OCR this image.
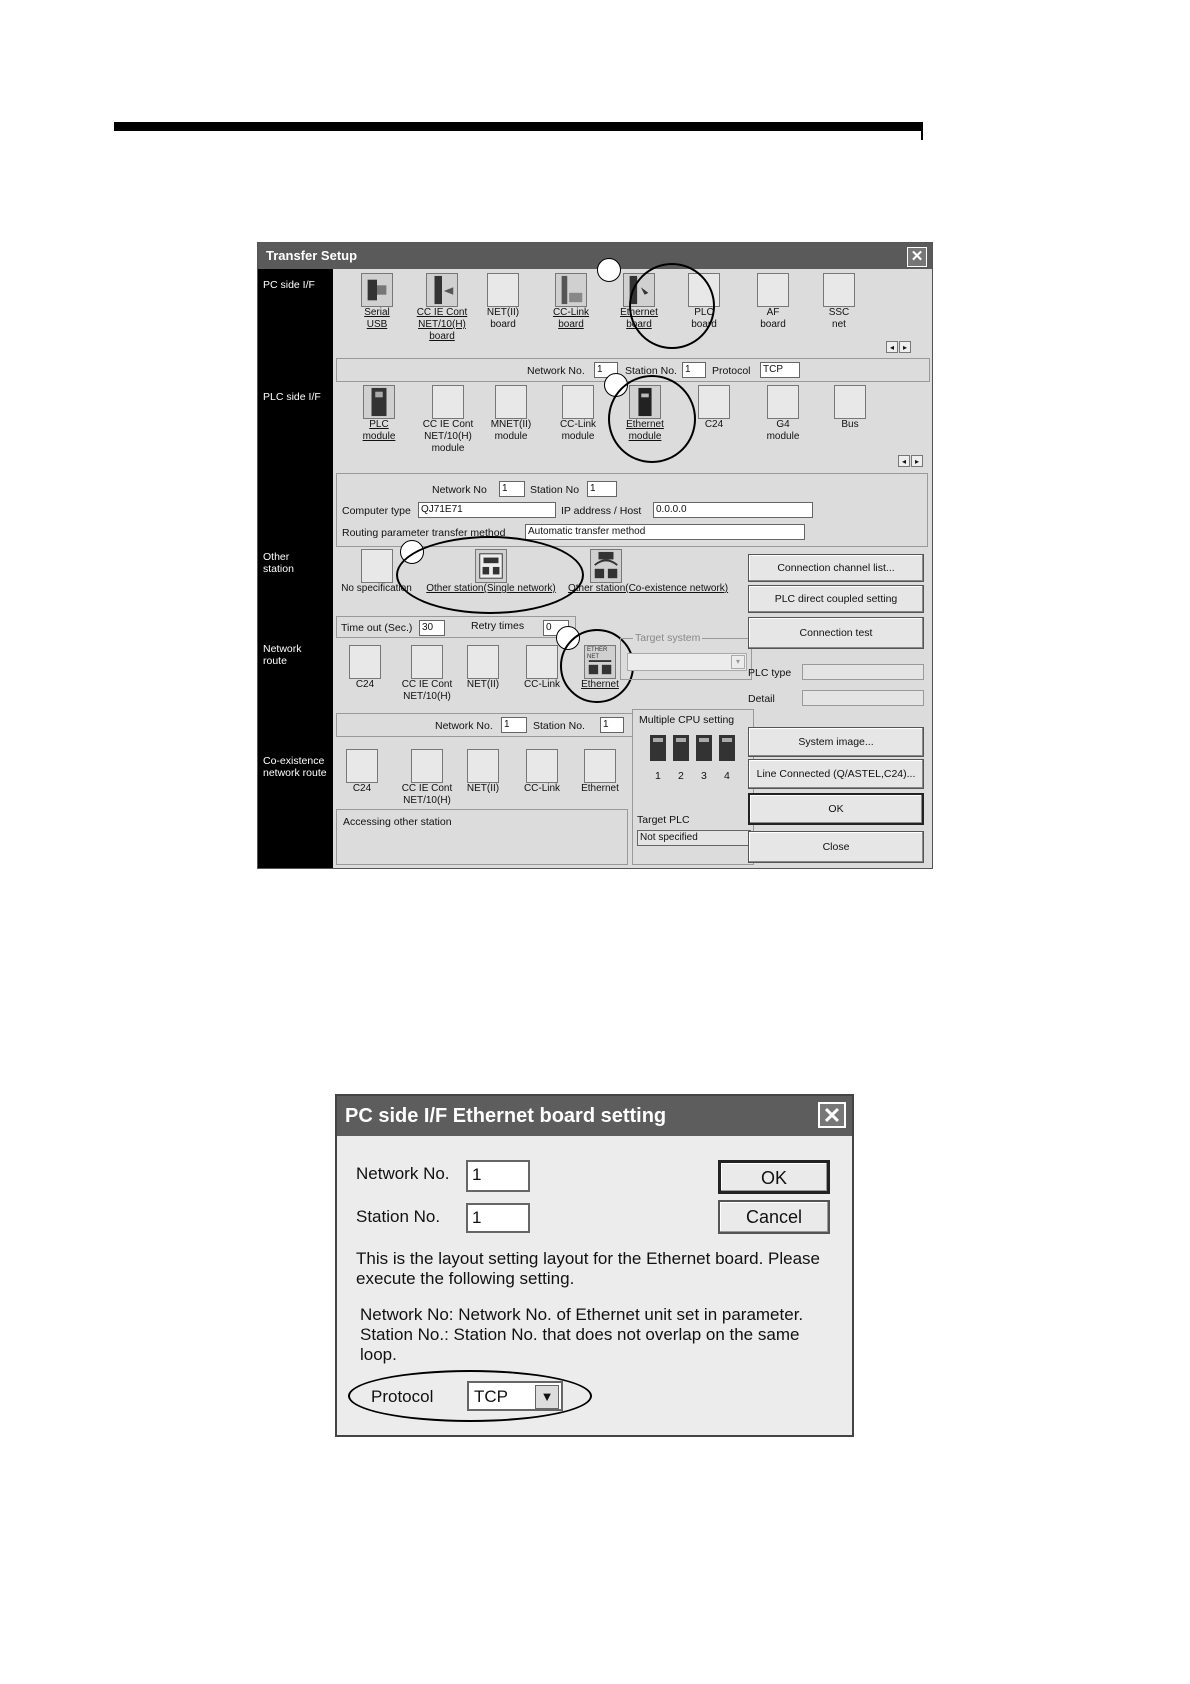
Transfer Setup	✕
PC side I/F
PLC side I/F
Other
station
Network
route
Co-existence
network route
Serial
USB
CC IE Cont
NET/10(H)
board
NET(II)
board
CC-Link
board
Ethernet
board
PLC
board
AF
board
SSC
net
◂	▸
Network No.	1	Station No. 1	Protocol	TCP
PLC
module
CC IE Cont
NET/10(H)
module
MNET(II)
module
CC-Link
module
Ethernet
module
C24	G4
module
Bus
◂	▸
Network No	1	Station No	1
Computer type	QJ71E71	IP address / Host	0.0.0.0
Routing parameter transfer method	Automatic transfer method
No specification	Other station(Single network)	Other station(Co-existence network)
Time out (Sec.) 30	Retry times	0
C24	CC IE Cont
NET/10(H)
NET(II)	CC-Link
ETHER NET
Ethernet
Target system
▾
Network No.	1	Station No.	1	Multiple CPU setting
1 2 3 4
Target PLC
Not specified
C24	CC IE Cont
NET/10(H)
NET(II)	CC-Link	Ethernet
Accessing other station
Connection channel list...
PLC direct coupled setting
Connection test
PLC type
Detail
System image...
Line Connected (Q/ASTEL,C24)...
OK
Close
PC side I/F Ethernet board setting	✕
Network No.	1
Station No.	1
OK
Cancel
This is the layout setting layout for the Ethernet board. Please
execute the following setting.
Network No: Network No. of Ethernet unit set in parameter.
Station No.: Station No. that does not overlap on the same loop.
Protocol TCP	▼
